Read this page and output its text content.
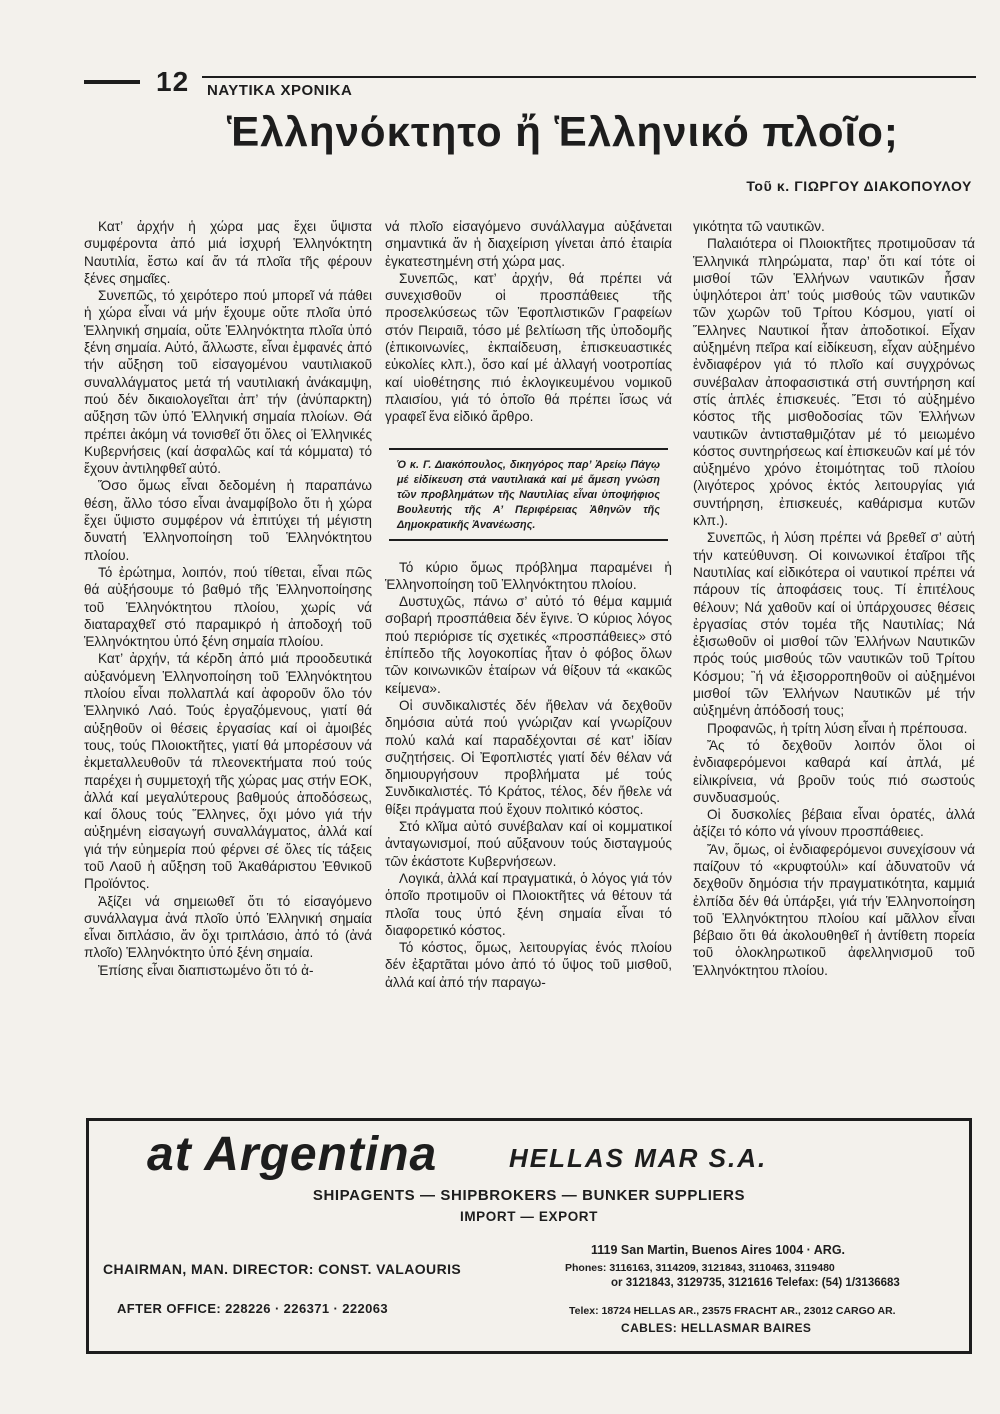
12 ΝΑΥΤΙΚΑ ΧΡΟΝΙΚΑ
Ἑλληνόκτητο ἤ Ἑλληνικό πλοῖο;
Τοῦ κ. ΓΙΩΡΓΟΥ ΔΙΑΚΟΠΟΥΛΟΥ

Κατ’ ἀρχήν ἡ χώρα μας ἔχει ὕψιστα συμφέροντα ἀπό μιά ἰσχυρή Ἑλληνόκτητη Ναυτιλία, ἔστω καί ἄν τά πλοῖα τῆς φέρουν ξένες σημαῖες.

Συνεπῶς, τό χειρότερο πού μπορεῖ νά πάθει ἡ χώρα εἶναι νά μήν ἔχουμε οὔτε πλοῖα ὑπό Ἑλληνική σημαία, οὔτε Ἑλληνόκτητα πλοῖα ὑπό ξένη σημαία. Αὐτό, ἄλλωστε, εἶναι ἐμφανές ἀπό τήν αὔξηση τοῦ εἰσαγομένου ναυτιλιακοῦ συναλλάγματος μετά τή ναυτιλιακή ἀνάκαμψη, πού δέν δικαιολογεῖται ἀπ’ τήν (ἀνύπαρκτη) αὔξηση τῶν ὑπό Ἑλληνική σημαία πλοίων. Θά πρέπει ἀκόμη νά τονισθεῖ ὅτι ὅλες οἱ Ἑλληνικές Κυβερνήσεις (καί ἀσφαλῶς καί τά κόμματα) τό ἔχουν ἀντιληφθεῖ αὐτό.

Ὅσο ὅμως εἶναι δεδομένη ἡ παραπάνω θέση, ἄλλο τόσο εἶναι ἀναμφίβολο ὅτι ἡ χώρα ἔχει ὕψιστο συμφέρον νά ἐπιτύχει τή μέγιστη δυνατή Ἑλληνοποίηση τοῦ Ἑλληνόκτητου πλοίου.

Τό ἐρώτημα, λοιπόν, πού τίθεται, εἶναι πῶς θά αὐξήσουμε τό βαθμό τῆς Ἑλληνοποίησης τοῦ Ἑλληνόκτητου πλοίου, χωρίς νά διαταραχθεῖ στό παραμικρό ἡ ἀποδοχή τοῦ Ἑλληνόκτητου ὑπό ξένη σημαία πλοίου.

Κατ’ ἀρχήν, τά κέρδη ἀπό μιά προοδευτικά αὐξανόμενη Ἑλληνοποίηση τοῦ Ἑλληνόκτητου πλοίου εἶναι πολλαπλά καί ἀφοροῦν ὅλο τόν Ἑλληνικό Λαό. Τούς ἐργαζόμενους, γιατί θά αὐξηθοῦν οἱ θέσεις ἐργασίας καί οἱ ἀμοιβές τους, τούς Πλοιοκτῆτες, γιατί θά μπορέσουν νά ἐκμεταλλευθοῦν τά πλεονεκτήματα πού τούς παρέχει ἡ συμμετοχή τῆς χώρας μας στήν ΕΟΚ, ἀλλά καί μεγαλύτερους βαθμούς ἀποδόσεως, καί ὅλους τούς Ἕλληνες, ὄχι μόνο γιά τήν αὐξημένη εἰσαγωγή συναλλάγματος, ἀλλά καί γιά τήν εὐημερία πού φέρνει σέ ὅλες τίς τάξεις τοῦ Λαοῦ ἡ αὔξηση τοῦ Ἀκαθάριστου Ἐθνικοῦ Προϊόντος.

Ἀξίζει νά σημειωθεῖ ὅτι τό εἰσαγόμενο συνάλλαγμα ἀνά πλοῖο ὑπό Ἑλληνική σημαία εἶναι διπλάσιο, ἄν ὄχι τριπλάσιο, ἀπό τό (ἀνά πλοῖο) Ἑλληνόκτητο ὑπό ξένη σημαία.

Ἐπίσης εἶναι διαπιστωμένο ὅτι τό ἀ-

νά πλοῖο εἰσαγόμενο συνάλλαγμα αὐξάνεται σημαντικά ἄν ἡ διαχείριση γίνεται ἀπό ἑταιρία ἐγκατεστημένη στή χώρα μας.

Συνεπῶς, κατ’ ἀρχήν, θά πρέπει νά συνεχισθοῦν οἱ προσπάθειες τῆς προσελκύσεως τῶν Ἐφοπλιστικῶν Γραφείων στόν Πειραιᾶ, τόσο μέ βελτίωση τῆς ὑποδομῆς (ἐπικοινωνίες, ἐκπαίδευση, ἐπισκευαστικές εὐκολίες κλπ.), ὅσο καί μέ ἀλλαγή νοοτροπίας καί υἱοθέτησης πιό ἐκλογικευμένου νομικοῦ πλαισίου, γιά τό ὁποῖο θά πρέπει ἴσως νά γραφεῖ ἕνα εἰδικό ἄρθρο.

Ὁ κ. Γ. Διακόπουλος, δικηγόρος παρ’ Ἀρείῳ Πάγῳ μέ εἰδίκευση στά ναυτιλιακά καί μέ ἄμεση γνώση τῶν προβλημάτων τῆς Ναυτιλίας εἶναι ὑποψήφιος Βουλευτής τῆς Α’ Περιφέρειας Ἀθηνῶν τῆς Δημοκρατικῆς Ἀνανέωσης.

Τό κύριο ὅμως πρόβλημα παραμένει ἡ Ἑλληνοποίηση τοῦ Ἑλληνόκτητου πλοίου.

Δυστυχῶς, πάνω σ’ αὐτό τό θέμα καμμιά σοβαρή προσπάθεια δέν ἔγινε. Ὁ κύριος λόγος πού περιόρισε τίς σχετικές «προσπάθειες» στό ἐπίπεδο τῆς λογοκοπίας ἦταν ὁ φόβος ὅλων τῶν κοινωνικῶν ἑταίρων νά θίξουν τά «κακῶς κείμενα».

Οἱ συνδικαλιστές δέν ἤθελαν νά δεχθοῦν δημόσια αὐτά πού γνώριζαν καί γνωρίζουν πολύ καλά καί παραδέχονται σέ κατ’ ἰδίαν συζητήσεις. Οἱ Ἐφοπλιστές γιατί δέν θέλαν νά δημιουργήσουν προβλήματα μέ τούς Συνδικαλιστές. Τό Κράτος, τέλος, δέν ἤθελε νά θίξει πράγματα πού ἔχουν πολιτικό κόστος.

Στό κλῖμα αὐτό συνέβαλαν καί οἱ κομματικοί ἀνταγωνισμοί, πού αὔξανουν τούς δισταγμούς τῶν ἑκάστοτε Κυβερνήσεων.

Λογικά, ἀλλά καί πραγματικά, ὁ λόγος γιά τόν ὁποῖο προτιμοῦν οἱ Πλοιοκτῆτες νά θέτουν τά πλοῖα τους ὑπό ξένη σημαία εἶναι τό διαφορετικό κόστος.

Τό κόστος, ὅμως, λειτουργίας ἑνός πλοίου δέν ἐξαρτᾶται μόνο ἀπό τό ὕψος τοῦ μισθοῦ, ἀλλά καί ἀπό τήν παραγω-

γικότητα τῶ ναυτικῶν.

Παλαιότερα οἱ Πλοιοκτῆτες προτιμοῦσαν τά Ἑλληνικά πληρώματα, παρ’ ὅτι καί τότε οἱ μισθοί τῶν Ἑλλήνων ναυτικῶν ἦσαν ὑψηλότεροι ἀπ’ τούς μισθούς τῶν ναυτικῶν τῶν χωρῶν τοῦ Τρίτου Κόσμου, γιατί οἱ Ἕλληνες Ναυτικοί ἦταν ἀποδοτικοί. Εἶχαν αὐξημένη πεῖρα καί εἰδίκευση, εἶχαν αὐξημένο ἐνδιαφέρον γιά τό πλοῖο καί συγχρόνως συνέβαλαν ἀποφασιστικά στή συντήρηση καί στίς ἁπλές ἐπισκευές. Ἔτσι τό αὐξημένο κόστος τῆς μισθοδοσίας τῶν Ἑλλήνων ναυτικῶν ἀντισταθμιζόταν μέ τό μειωμένο κόστος συντηρήσεως καί ἐπισκευῶν καί μέ τόν αὐξημένο χρόνο ἑτοιμότητας τοῦ πλοίου (λιγότερος χρόνος ἐκτός λειτουργίας γιά συντήρηση, ἐπισκευές, καθάρισμα κυτῶν κλπ.).

Συνεπῶς, ἡ λύση πρέπει νά βρεθεῖ σ’ αὐτή τήν κατεύθυνση. Οἱ κοινωνικοί ἑταῖροι τῆς Ναυτιλίας καί εἰδικότερα οἱ ναυτικοί πρέπει νά πάρουν τίς ἀποφάσεις τους. Τί ἐπιτέλους θέλουν; Νά χαθοῦν καί οἱ ὑπάρχουσες θέσεις ἐργασίας στόν τομέα τῆς Ναυτιλίας; Νά ἐξισωθοῦν οἱ μισθοί τῶν Ἑλλήνων Ναυτικῶν πρός τούς μισθούς τῶν ναυτικῶν τοῦ Τρίτου Κόσμου; ῍ή νά ἐξισορροπηθοῦν οἱ αὐξημένοι μισθοί τῶν Ἑλλήνων Ναυτικῶν μέ τήν αὐξημένη ἀπόδοσή τους;

Προφανῶς, ἡ τρίτη λύση εἶναι ἡ πρέπουσα.

Ἄς τό δεχθοῦν λοιπόν ὅλοι οἱ ἐνδιαφερόμενοι καθαρά καί ἀπλά, μέ εἰλικρίνεια, νά βροῦν τούς πιό σωστούς συνδυασμούς.

Οἱ δυσκολίες βέβαια εἶναι ὁρατές, ἀλλά ἀξίζει τό κόπο νά γίνουν προσπάθειες.

Ἄν, ὅμως, οἱ ἐνδιαφερόμενοι συνεχίσουν νά παίζουν τό «κρυφτούλι» καί ἀδυνατοῦν νά δεχθοῦν δημόσια τήν πραγματικότητα, καμμιά ἐλπίδα δέν θά ὑπάρξει, γιά τήν Ἑλληνοποίηση τοῦ Ἑλληνόκτητου πλοίου καί μᾶλλον εἶναι βέβαιο ὅτι θά ἀκολουθηθεῖ ἡ ἀντίθετη πορεία τοῦ ὁλοκληρωτικοῦ ἀφελληνισμοῦ τοῦ Ἑλληνόκτητου πλοίου.

at Argentina	HELLAS MAR S.A.
SHIPAGENTS — SHIPBROKERS — BUNKER SUPPLIERS
IMPORT — EXPORT
CHAIRMAN, MAN. DIRECTOR: CONST. VALAOURIS
AFTER OFFICE: 228226 · 226371 · 222063
1119 San Martin, Buenos Aires 1004 · ARG.
Phones: 3116163, 3114209, 3121843, 3110463, 3119480
or 3121843, 3129735, 3121616 Telefax: (54) 1/3136683
Telex: 18724 HELLAS AR., 23575 FRACHT AR., 23012 CARGO AR.
CABLES: HELLASMAR BAIRES
